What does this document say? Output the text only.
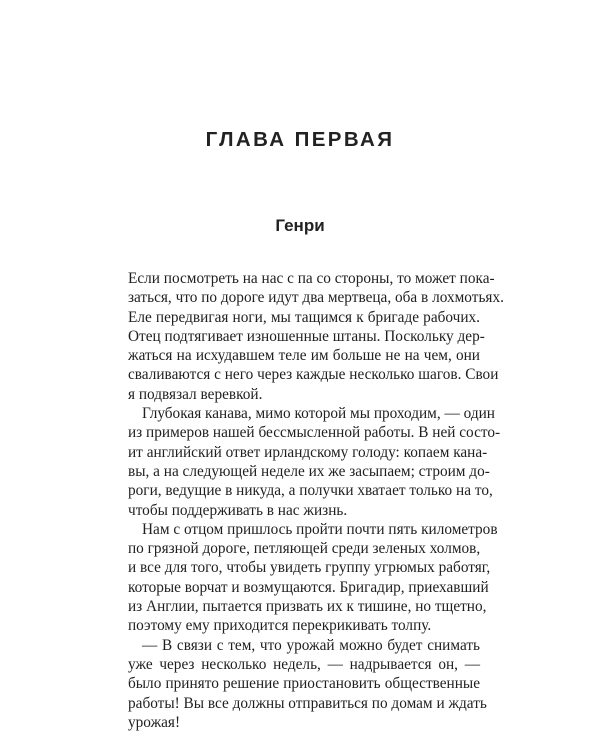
ГЛАВА ПЕРВАЯ
Генри
Если посмотреть на нас с па со стороны, то может пока-
заться, что по дороге идут два мертвеца, оба в лохмотьях.
Еле передвигая ноги, мы тащимся к бригаде рабочих.
Отец подтягивает изношенные штаны. Поскольку дер-
жаться на исхудавшем теле им больше не на чем, они
сваливаются с него через каждые несколько шагов. Свои
я подвязал веревкой.
Глубокая канава, мимо которой мы проходим, — один
из примеров нашей бессмысленной работы. В ней состо-
ит английский ответ ирландскому голоду: копаем кана-
вы, а на следующей неделе их же засыпаем; строим до-
роги, ведущие в никуда, а получки хватает только на то,
чтобы поддерживать в нас жизнь.
Нам с отцом пришлось пройти почти пять километров
по грязной дороге, петляющей среди зеленых холмов,
и все для того, чтобы увидеть группу угрюмых работяг,
которые ворчат и возмущаются. Бригадир, приехавший
из Англии, пытается призвать их к тишине, но тщетно,
поэтому ему приходится перекрикивать толпу.
— В связи с тем, что урожай можно будет снимать
уже через несколько недель, — надрывается он, —
было принято решение приостановить общественные
работы! Вы все должны отправиться по домам и ждать
урожая!
